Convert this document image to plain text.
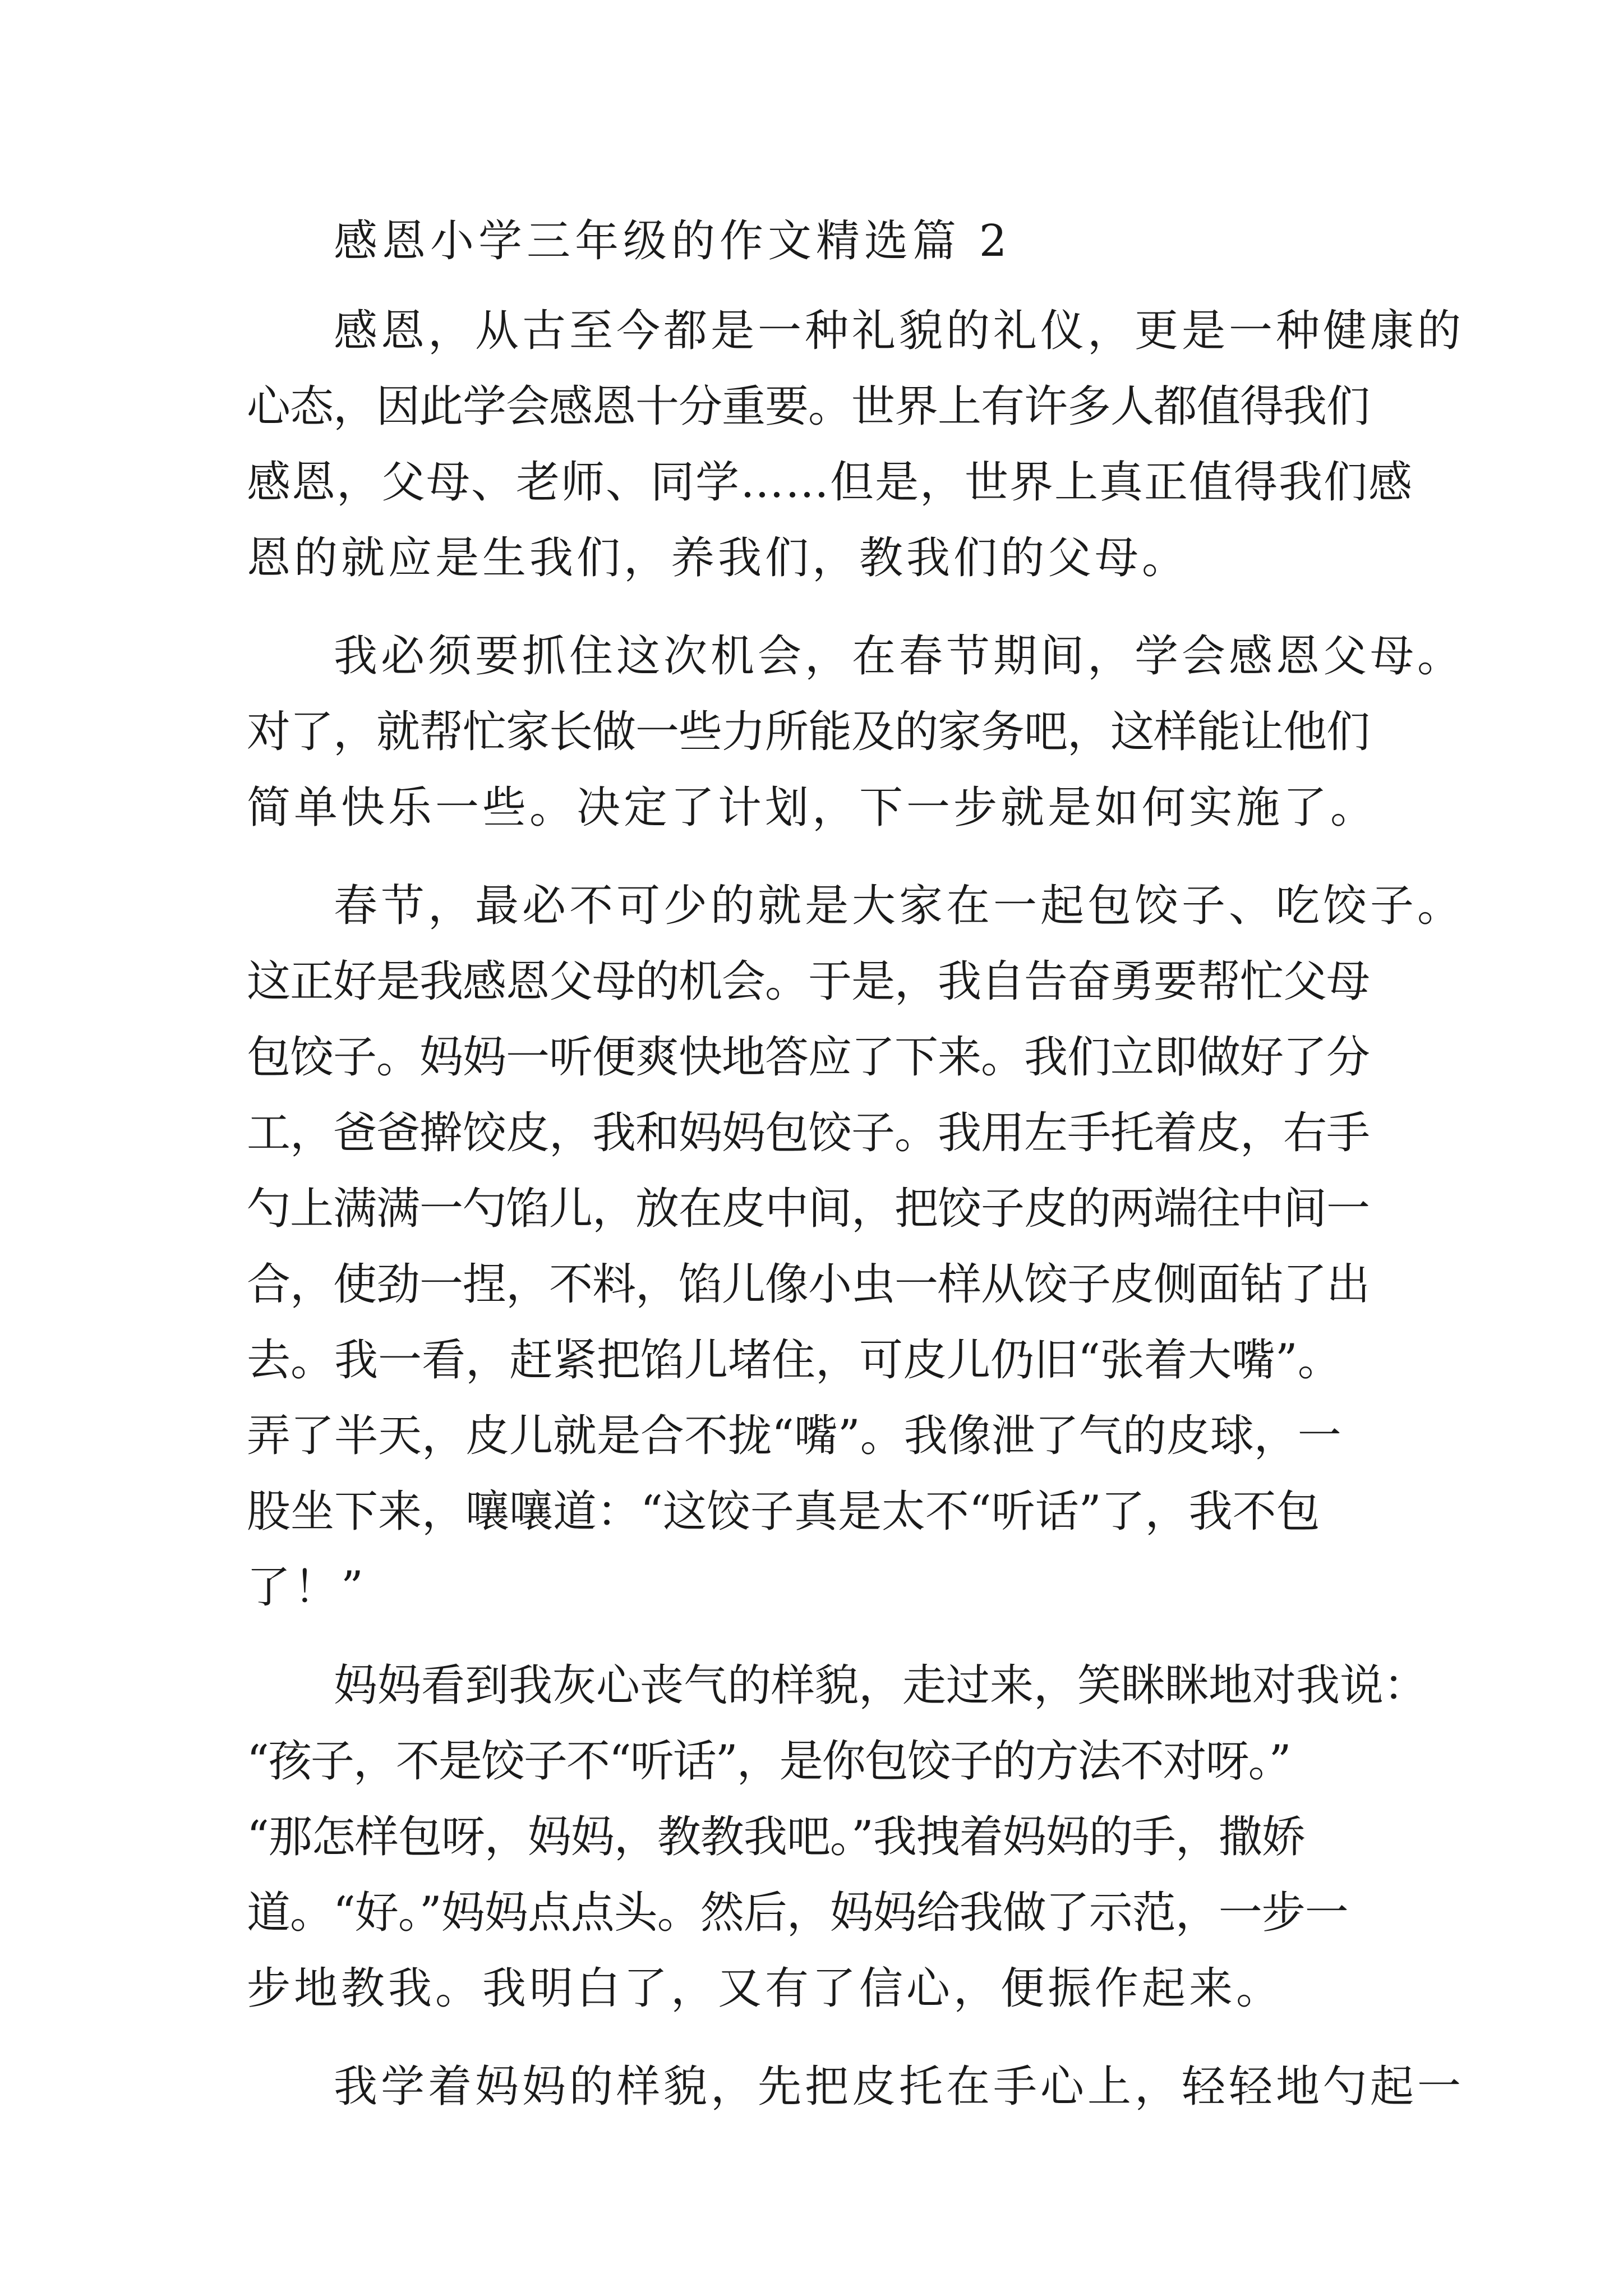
感恩小学三年级的作文精选篇 2
感恩，从古至今都是一种礼貌的礼仪，更是一种健康的
心态，因此学会感恩十分重要。世界上有许多人都值得我们
感恩，父母、老师、同学……但是，世界上真正值得我们感
恩的就应是生我们，养我们，教我们的父母。
我必须要抓住这次机会，在春节期间，学会感恩父母。
对了，就帮忙家长做一些力所能及的家务吧，这样能让他们
简单快乐一些。决定了计划，下一步就是如何实施了。
春节，最必不可少的就是大家在一起包饺子、吃饺子。
这正好是我感恩父母的机会。于是，我自告奋勇要帮忙父母
包饺子。妈妈一听便爽快地答应了下来。我们立即做好了分
工，爸爸擀饺皮，我和妈妈包饺子。我用左手托着皮，右手
勺上满满一勺馅儿，放在皮中间，把饺子皮的两端往中间一
合，使劲一捏，不料，馅儿像小虫一样从饺子皮侧面钻了出
去。我一看，赶紧把馅儿堵住，可皮儿仍旧“张着大嘴”。
弄了半天，皮儿就是合不拢“嘴”。我像泄了气的皮球，一
股坐下来，嚷嚷道：“这饺子真是太不“听话”了，我不包
了！”
妈妈看到我灰心丧气的样貌，走过来，笑眯眯地对我说：
“孩子，不是饺子不“听话”，是你包饺子的方法不对呀。”
“那怎样包呀，妈妈，教教我吧。”我拽着妈妈的手，撒娇
道。“好。”妈妈点点头。然后，妈妈给我做了示范，一步一
步地教我。我明白了，又有了信心，便振作起来。
我学着妈妈的样貌，先把皮托在手心上，轻轻地勺起一
